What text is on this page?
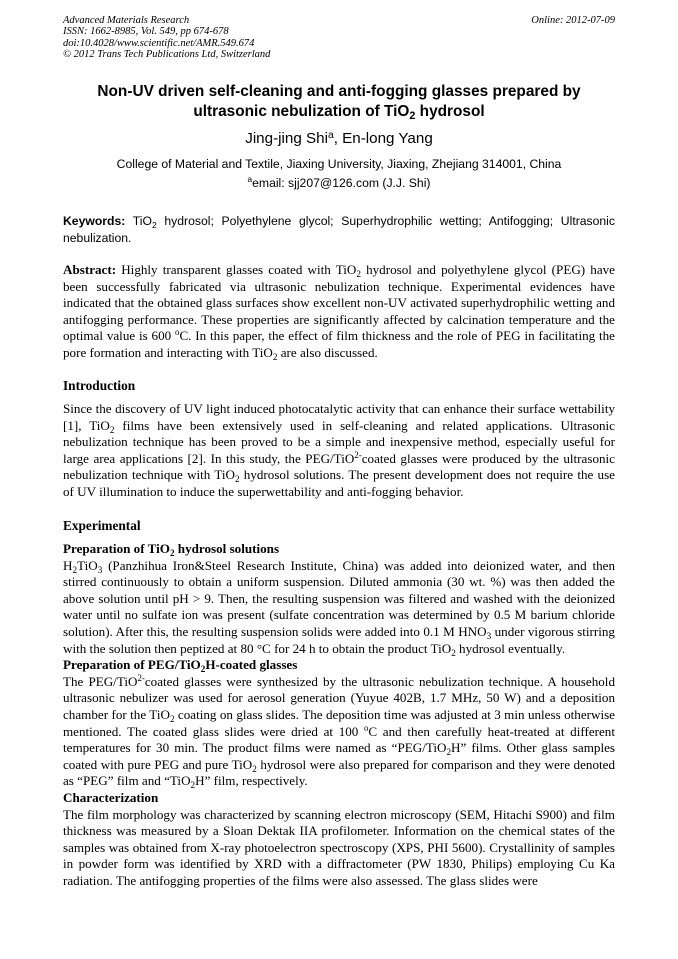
Advanced Materials Research
ISSN: 1662-8985, Vol. 549, pp 674-678
doi:10.4028/www.scientific.net/AMR.549.674
© 2012 Trans Tech Publications Ltd, Switzerland
Online: 2012-07-09
Non-UV driven self-cleaning and anti-fogging glasses prepared by
ultrasonic nebulization of TiO$_2$ hydrosol
Jing-jing Shi$^a$, En-long Yang
College of Material and Textile, Jiaxing University, Jiaxing, Zhejiang 314001, China
$^a$email: sjj207@126.com (J.J. Shi)
Keywords: TiO$_2$ hydrosol; Polyethylene glycol; Superhydrophilic wetting; Antifogging; Ultrasonic nebulization.
Abstract: Highly transparent glasses coated with TiO$_2$ hydrosol and polyethylene glycol (PEG) have been successfully fabricated via ultrasonic nebulization technique. Experimental evidences have indicated that the obtained glass surfaces show excellent non-UV activated superhydrophilic wetting and antifogging performance. These properties are significantly affected by calcination temperature and the optimal value is 600 $^o$C. In this paper, the effect of film thickness and the role of PEG in facilitating the pore formation and interacting with TiO$_2$ are also discussed.
Introduction
Since the discovery of UV light induced photocatalytic activity that can enhance their surface wettability [1], TiO$_2$ films have been extensively used in self-cleaning and related applications. Ultrasonic nebulization technique has been proved to be a simple and inexpensive method, especially useful for large area applications [2]. In this study, the PEG/TiO$^{2-}$coated glasses were produced by the ultrasonic nebulization technique with TiO$_2$ hydrosol solutions. The present development does not require the use of UV illumination to induce the superwettability and anti-fogging behavior.
Experimental
Preparation of TiO$_2$ hydrosol solutions
$H_2TiO_3$ (Panzhihua Iron&Steel Research Institute, China) was added into deionized water, and then stirred continuously to obtain a uniform suspension. Diluted ammonia (30 wt. %) was then added the above solution until pH > 9. Then, the resulting suspension was filtered and washed with the deionized water until no sulfate ion was present (sulfate concentration was determined by 0.5 M barium chloride solution). After this, the resulting suspension solids were added into 0.1 M $HNO_3$ under vigorous stirring with the solution then peptized at 80 °C for 24 h to obtain the product TiO$_2$ hydrosol eventually.
Preparation of PEG/TiO$_2$H-coated glasses
The PEG/TiO$^{2-}$coated glasses were synthesized by the ultrasonic nebulization technique. A household ultrasonic nebulizer was used for aerosol generation (Yuyue 402B, 1.7 MHz, 50 W) and a deposition chamber for the TiO$_2$ coating on glass slides. The deposition time was adjusted at 3 min unless otherwise mentioned. The coated glass slides were dried at 100 $^o$C and then carefully heat-treated at different temperatures for 30 min. The product films were named as “PEG/TiO$_2$H” films. Other glass samples coated with pure PEG and pure TiO$_2$ hydrosol were also prepared for comparison and they were denoted as “PEG” film and “TiO$_2$H” film, respectively.
Characterization
The film morphology was characterized by scanning electron microscopy (SEM, Hitachi S900) and film thickness was measured by a Sloan Dektak IIA profilometer. Information on the chemical states of the samples was obtained from X-ray photoelectron spectroscopy (XPS, PHI 5600). Crystallinity of samples in powder form was identified by XRD with a diffractometer (PW 1830, Philips) employing Cu Ka radiation. The antifogging properties of the films were also assessed. The glass slides were
